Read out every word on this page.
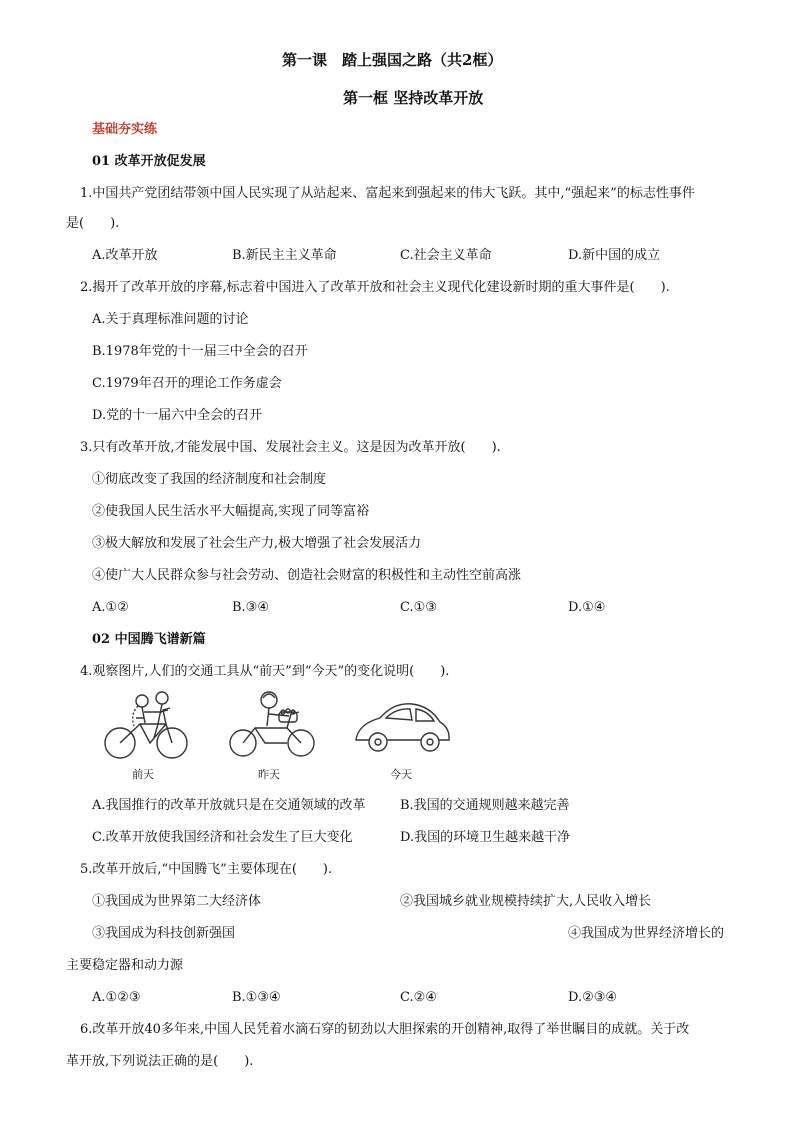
第一课　踏上强国之路（共2框）
第一框 坚持改革开放
基础夯实练
01 改革开放促发展
1.中国共产党团结带领中国人民实现了从站起来、富起来到强起来的伟大飞跃。其中,“强起来”的标志性事件
是(　　).
A.改革开放	B.新民主主义革命	C.社会主义革命	D.新中国的成立
2.揭开了改革开放的序幕,标志着中国进入了改革开放和社会主义现代化建设新时期的重大事件是(　　).
A.关于真理标准问题的讨论
B.1978年党的十一届三中全会的召开
C.1979年召开的理论工作务虚会
D.党的十一届六中全会的召开
3.只有改革开放,才能发展中国、发展社会主义。这是因为改革开放(　　).
①彻底改变了我国的经济制度和社会制度
②使我国人民生活水平大幅提高,实现了同等富裕
③极大解放和发展了社会生产力,极大增强了社会发展活力
④使广大人民群众参与社会劳动、创造社会财富的积极性和主动性空前高涨
A.①②	B.③④	C.①③	D.①④
02 中国腾飞谱新篇
4.观察图片,人们的交通工具从“前天”到“今天”的变化说明(　　).
前天	昨天	今天
A.我国推行的改革开放就只是在交通领域的改革	B.我国的交通规则越来越完善
C.改革开放使我国经济和社会发生了巨大变化	D.我国的环境卫生越来越干净
5.改革开放后,“中国腾飞”主要体现在(　　).
①我国成为世界第二大经济体	②我国城乡就业规模持续扩大,人民收入增长
③我国成为科技创新强国	④我国成为世界经济增长的
主要稳定器和动力源
A.①②③	B.①③④	C.②④	D.②③④
6.改革开放40多年来,中国人民凭着水滴石穿的韧劲以大胆探索的开创精神,取得了举世瞩目的成就。关于改
革开放,下列说法正确的是(　　).
